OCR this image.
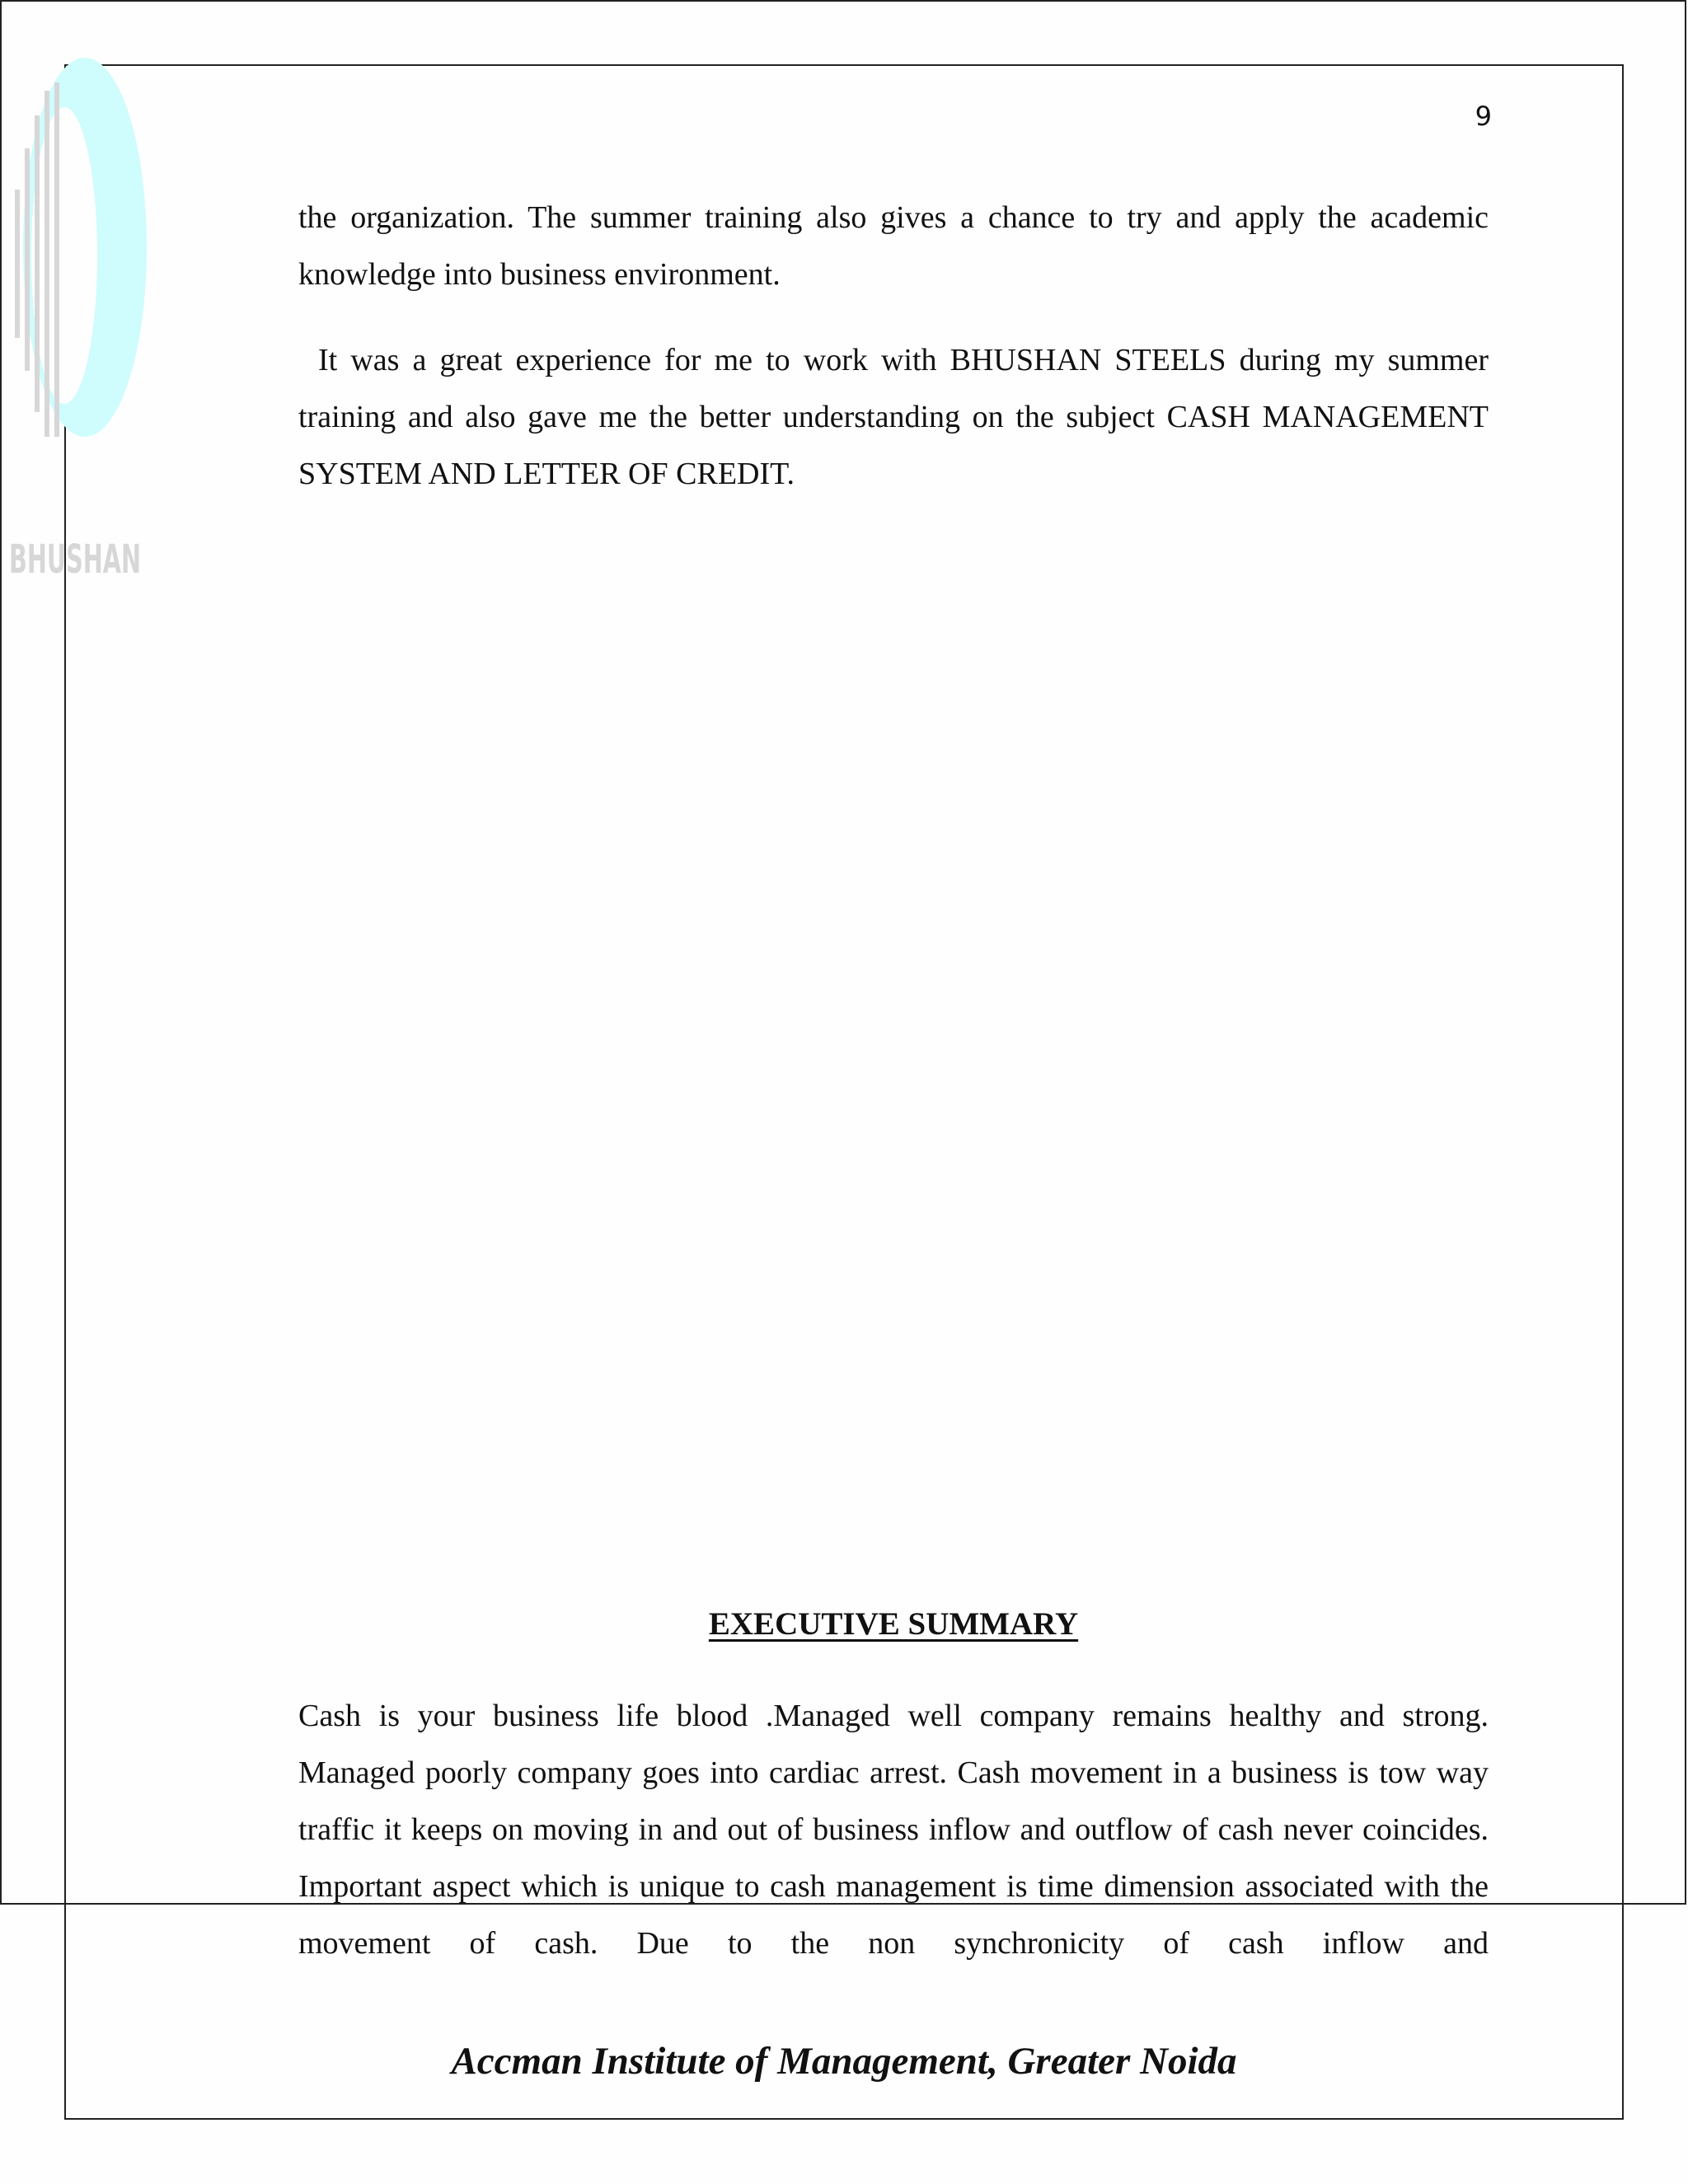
BHUSHAN
9

the organization. The summer training also gives a chance to try and apply the academic knowledge into business environment.

It was a great experience for me to work with BHUSHAN STEELS during my summer training and also gave me the better understanding on the subject CASH MANAGEMENT SYSTEM AND LETTER OF CREDIT.

EXECUTIVE SUMMARY

Cash is your business life blood .Managed well company remains healthy and strong. Managed poorly company goes into cardiac arrest. Cash movement in a business is tow way traffic it keeps on moving in and out of business inflow and outflow of cash never coincides. Important aspect which is unique to cash management is time dimension associated with the movement of cash. Due to the non synchronicity of cash inflow and

Accman Institute of Management, Greater Noida
